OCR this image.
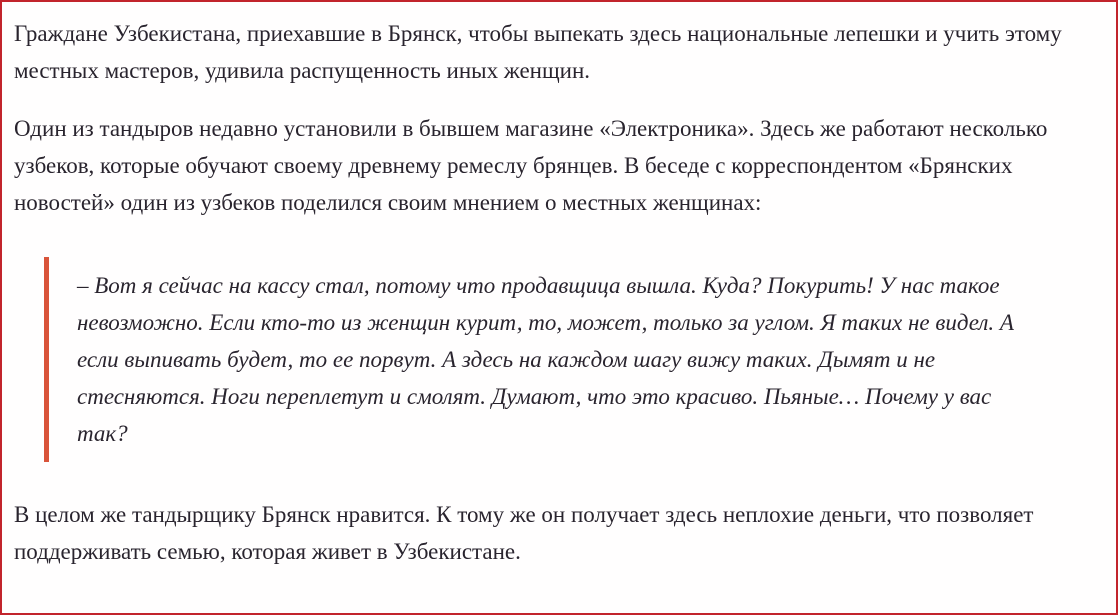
Граждане Узбекистана, приехавшие в Брянск, чтобы выпекать здесь национальные лепешки и учить этому местных мастеров, удивила распущенность иных женщин.

Один из тандыров недавно установили в бывшем магазине «Электроника». Здесь же работают несколько узбеков, которые обучают своему древнему ремеслу брянцев. В беседе с корреспондентом «Брянских новостей» один из узбеков поделился своим мнением о местных женщинах:

– Вот я сейчас на кассу стал, потому что продавщица вышла. Куда? Покурить! У нас такое невозможно. Если кто-то из женщин курит, то, может, только за углом. Я таких не видел. А если выпивать будет, то ее порвут. А здесь на каждом шагу вижу таких. Дымят и не стесняются. Ноги переплетут и смолят. Думают, что это красиво. Пьяные… Почему у вас так?

В целом же тандырщику Брянск нравится. К тому же он получает здесь неплохие деньги, что позволяет поддерживать семью, которая живет в Узбекистане.
